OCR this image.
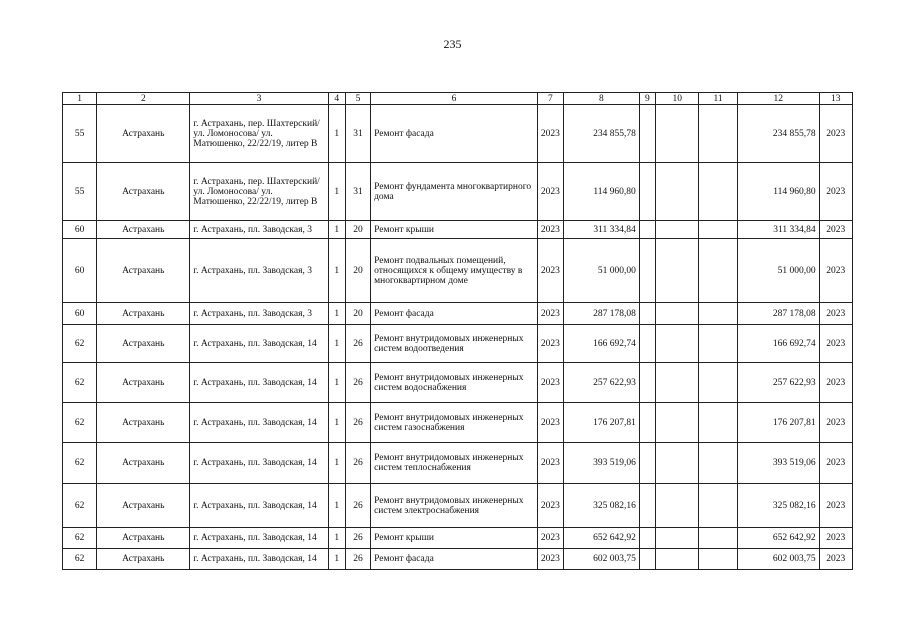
235
1	2	3	4	5	6	7	8	9	10	11	12	13
55	Астрахань	г. Астрахань, пер. Шахтерский/ ул. Ломоносова/ ул. Матюшенко, 22/22/19, литер В	1	31	Ремонт фасада	2023	234 855,78				234 855,78	2023
55	Астрахань	г. Астрахань, пер. Шахтерский/ ул. Ломоносова/ ул. Матюшенко, 22/22/19, литер В	1	31	Ремонт фундамента многоквартирного дома	2023	114 960,80				114 960,80	2023
60	Астрахань	г. Астрахань, пл. Заводская, 3	1	20	Ремонт крыши	2023	311 334,84				311 334,84	2023
60	Астрахань	г. Астрахань, пл. Заводская, 3	1	20	Ремонт подвальных помещений, относящихся к общему имуществу в многоквартирном доме	2023	51 000,00				51 000,00	2023
60	Астрахань	г. Астрахань, пл. Заводская, 3	1	20	Ремонт фасада	2023	287 178,08				287 178,08	2023
62	Астрахань	г. Астрахань, пл. Заводская, 14	1	26	Ремонт внутридомовых инженерных систем водоотведения	2023	166 692,74				166 692,74	2023
62	Астрахань	г. Астрахань, пл. Заводская, 14	1	26	Ремонт внутридомовых инженерных систем водоснабжения	2023	257 622,93				257 622,93	2023
62	Астрахань	г. Астрахань, пл. Заводская, 14	1	26	Ремонт внутридомовых инженерных систем газоснабжения	2023	176 207,81				176 207,81	2023
62	Астрахань	г. Астрахань, пл. Заводская, 14	1	26	Ремонт внутридомовых инженерных систем теплоснабжения	2023	393 519,06				393 519,06	2023
62	Астрахань	г. Астрахань, пл. Заводская, 14	1	26	Ремонт внутридомовых инженерных систем электроснабжения	2023	325 082,16				325 082,16	2023
62	Астрахань	г. Астрахань, пл. Заводская, 14	1	26	Ремонт крыши	2023	652 642,92				652 642,92	2023
62	Астрахань	г. Астрахань, пл. Заводская, 14	1	26	Ремонт фасада	2023	602 003,75				602 003,75	2023
